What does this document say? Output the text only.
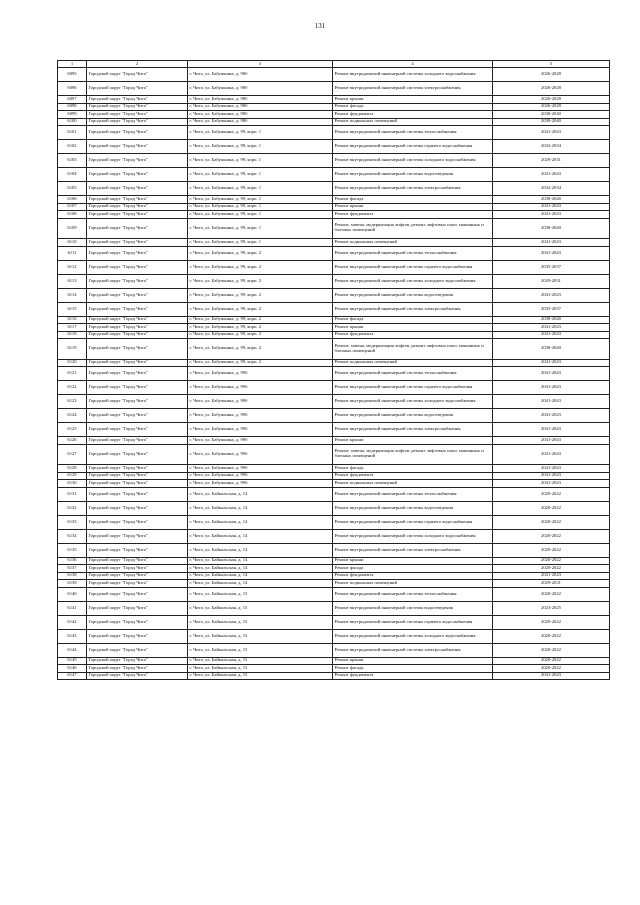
131
1	2	3	4	5
6095	Городской округ "Город Чита"	г. Чита, ул. Бабушкина, д. 98б	Ремонт внутридомовой инженерной системы холодного водоснабжения	2026-2028
6096	Городской округ "Город Чита"	г. Чита, ул. Бабушкина, д. 98б	Ремонт внутридомовой инженерной системы электроснабжения	2026-2028
6097	Городской округ "Город Чита"	г. Чита, ул. Бабушкина, д. 98б	Ремонт крыши	2026-2028
6098	Городской округ "Город Чита"	г. Чита, ул. Бабушкина, д. 98б	Ремонт фасада	2026-2028
6099	Городской округ "Город Чита"	г. Чита, ул. Бабушкина, д. 98б	Ремонт фундамента	2038-2040
6100	Городской округ "Город Чита"	г. Чита, ул. Бабушкина, д. 98б	Ремонт подвальных помещений	2038-2040
6101	Городской округ "Город Чита"	г. Чита, ул. Бабушкина, д. 99, корп. 1	Ремонт внутридомовой инженерной системы теплоснабжения	2041-2043
6102	Городской округ "Город Чита"	г. Чита, ул. Бабушкина, д. 99, корп. 1	Ремонт внутридомовой инженерной системы горячего водоснабжения	2032-2034
6103	Городской округ "Город Чита"	г. Чита, ул. Бабушкина, д. 99, корп. 1	Ремонт внутридомовой инженерной системы холодного водоснабжения	2029-2031
6104	Городской округ "Город Чита"	г. Чита, ул. Бабушкина, д. 99, корп. 1	Ремонт внутридомовой инженерной системы водоотведения	2041-2043
6105	Городской округ "Город Чита"	г. Чита, ул. Бабушкина, д. 99, корп. 1	Ремонт внутридомовой инженерной системы электроснабжения	2032-2034
6106	Городской округ "Город Чита"	г. Чита, ул. Бабушкина, д. 99, корп. 1	Ремонт фасада	2038-2040
6107	Городской округ "Город Чита"	г. Чита, ул. Бабушкина, д. 99, корп. 1	Ремонт крыши	2041-2043
6108	Городской округ "Город Чита"	г. Чита, ул. Бабушкина, д. 99, корп. 1	Ремонт фундамента	2041-2043
6109	Городской округ "Город Чита"	г. Чита, ул. Бабушкина, д. 99, корп. 1	Ремонт, замена, модернизация лифтов, ремонт лифтовых шахт, машинных и блочных помещений	2038-2040
6110	Городской округ "Город Чита"	г. Чита, ул. Бабушкина, д. 99, корп. 1	Ремонт подвальных помещений	2041-2043
6111	Городской округ "Город Чита"	г. Чита, ул. Бабушкина, д. 99, корп. 2	Ремонт внутридомовой инженерной системы теплоснабжения	2041-2043
6112	Городской округ "Город Чита"	г. Чита, ул. Бабушкина, д. 99, корп. 2	Ремонт внутридомовой инженерной системы горячего водоснабжения	2035-2037
6113	Городской округ "Город Чита"	г. Чита, ул. Бабушкина, д. 99, корп. 2	Ремонт внутридомовой инженерной системы холодного водоснабжения	2029-2031
6114	Городской округ "Город Чита"	г. Чита, ул. Бабушкина, д. 99, корп. 2	Ремонт внутридомовой инженерной системы водоотведения	2041-2043
6115	Городской округ "Город Чита"	г. Чита, ул. Бабушкина, д. 99, корп. 2	Ремонт внутридомовой инженерной системы электроснабжения	2035-2037
6116	Городской округ "Город Чита"	г. Чита, ул. Бабушкина, д. 99, корп. 2	Ремонт фасада	2038-2040
6117	Городской округ "Город Чита"	г. Чита, ул. Бабушкина, д. 99, корп. 2	Ремонт крыши	2041-2043
6118	Городской округ "Город Чита"	г. Чита, ул. Бабушкина, д. 99, корп. 2	Ремонт фундамента	2041-2043
6119	Городской округ "Город Чита"	г. Чита, ул. Бабушкина, д. 99, корп. 2	Ремонт, замена, модернизация лифтов, ремонт лифтовых шахт, машинных и блочных помещений	2038-2040
6120	Городской округ "Город Чита"	г. Чита, ул. Бабушкина, д. 99, корп. 2	Ремонт подвальных помещений	2041-2043
6121	Городской округ "Город Чита"	г. Чита, ул. Бабушкина, д. 99б	Ремонт внутридомовой инженерной системы теплоснабжения	2041-2043
6122	Городской округ "Город Чита"	г. Чита, ул. Бабушкина, д. 99б	Ремонт внутридомовой инженерной системы горячего водоснабжения	2041-2043
6123	Городской округ "Город Чита"	г. Чита, ул. Бабушкина, д. 99б	Ремонт внутридомовой инженерной системы холодного водоснабжения	2041-2043
6124	Городской округ "Город Чита"	г. Чита, ул. Бабушкина, д. 99б	Ремонт внутридомовой инженерной системы водоотведения	2041-2043
6125	Городской округ "Город Чита"	г. Чита, ул. Бабушкина, д. 99б	Ремонт внутридомовой инженерной системы электроснабжения	2041-2043
6126	Городской округ "Город Чита"	г. Чита, ул. Бабушкина, д. 99б	Ремонт крыши	2041-2043
6127	Городской округ "Город Чита"	г. Чита, ул. Бабушкина, д. 99б	Ремонт, замена, модернизация лифтов, ремонт лифтовых шахт, машинных и блочных помещений	2041-2043
6128	Городской округ "Город Чита"	г. Чита, ул. Бабушкина, д. 99б	Ремонт фасада	2041-2043
6129	Городской округ "Город Чита"	г. Чита, ул. Бабушкина, д. 99б	Ремонт фундамента	2041-2043
6130	Городской округ "Город Чита"	г. Чита, ул. Бабушкина, д. 99б	Ремонт подвальных помещений	2041-2043
6131	Городской округ "Город Чита"	г. Чита, ул. Байкальская, д. 14	Ремонт внутридомовой инженерной системы теплоснабжения	2020-2022
6132	Городской округ "Город Чита"	г. Чита, ул. Байкальская, д. 14	Ремонт внутридомовой инженерной системы водоотведения	2020-2022
6133	Городской округ "Город Чита"	г. Чита, ул. Байкальская, д. 14	Ремонт внутридомовой инженерной системы горячего водоснабжения	2020-2022
6134	Городской округ "Город Чита"	г. Чита, ул. Байкальская, д. 14	Ремонт внутридомовой инженерной системы холодного водоснабжения	2020-2022
6135	Городской округ "Город Чита"	г. Чита, ул. Байкальская, д. 14	Ремонт внутридомовой инженерной системы электроснабжения	2020-2022
6136	Городской округ "Город Чита"	г. Чита, ул. Байкальская, д. 14	Ремонт крыши	2020-2022
6137	Городской округ "Город Чита"	г. Чита, ул. Байкальская, д. 14	Ремонт фасада	2020-2022
6138	Городской округ "Город Чита"	г. Чита, ул. Байкальская, д. 14	Ремонт фундамента	2041-2043
6139	Городской округ "Город Чита"	г. Чита, ул. Байкальская, д. 14	Ремонт подвальных помещений	2029-2031
6140	Городской округ "Город Чита"	г. Чита, ул. Байкальская, д. 15	Ремонт внутридомовой инженерной системы теплоснабжения	2020-2022
6141	Городской округ "Город Чита"	г. Чита, ул. Байкальская, д. 15	Ремонт внутридомовой инженерной системы водоотведения	2023-2025
6142	Городской округ "Город Чита"	г. Чита, ул. Байкальская, д. 15	Ремонт внутридомовой инженерной системы горячего водоснабжения	2020-2022
6143	Городской округ "Город Чита"	г. Чита, ул. Байкальская, д. 15	Ремонт внутридомовой инженерной системы холодного водоснабжения	2020-2022
6144	Городской округ "Город Чита"	г. Чита, ул. Байкальская, д. 15	Ремонт внутридомовой инженерной системы электроснабжения	2020-2022
6145	Городской округ "Город Чита"	г. Чита, ул. Байкальская, д. 15	Ремонт крыши	2020-2022
6146	Городской округ "Город Чита"	г. Чита, ул. Байкальская, д. 15	Ремонт фасада	2020-2022
6147	Городской округ "Город Чита"	г. Чита, ул. Байкальская, д. 15	Ремонт фундамента	2041-2043
